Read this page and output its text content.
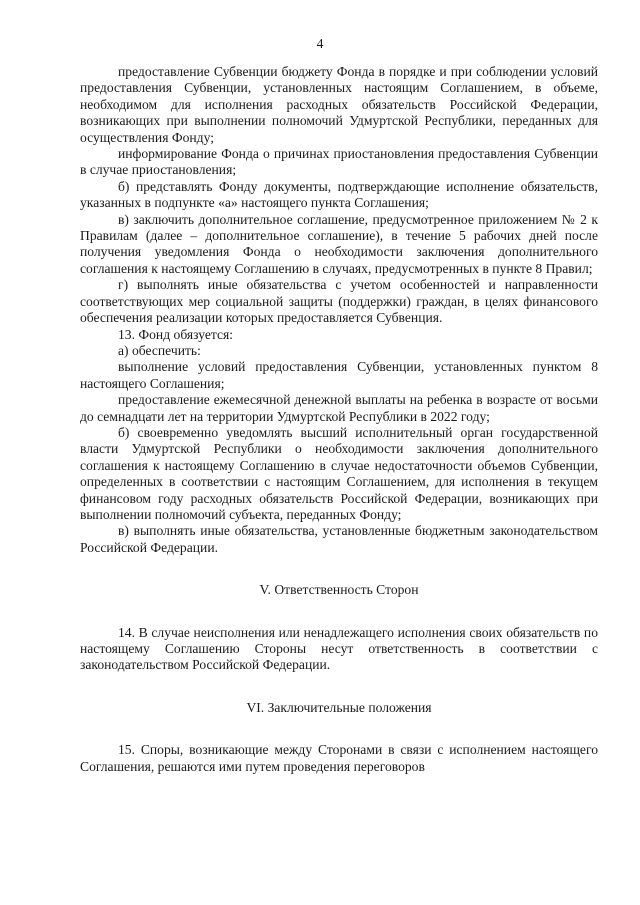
4

предоставление Субвенции бюджету Фонда в порядке и при соблюдении условий предоставления Субвенции, установленных настоящим Соглашением, в объеме, необходимом для исполнения расходных обязательств Российской Федерации, возникающих при выполнении полномочий Удмуртской Республики, переданных для осуществления Фонду;

информирование Фонда о причинах приостановления предоставления Субвенции в случае приостановления;

б) представлять Фонду документы, подтверждающие исполнение обязательств, указанных в подпункте «а» настоящего пункта Соглашения;

в) заключить дополнительное соглашение, предусмотренное приложением № 2 к Правилам (далее – дополнительное соглашение), в течение 5 рабочих дней после получения уведомления Фонда о необходимости заключения дополнительного соглашения к настоящему Соглашению в случаях, предусмотренных в пункте 8 Правил;

г) выполнять иные обязательства с учетом особенностей и направленности соответствующих мер социальной защиты (поддержки) граждан, в целях финансового обеспечения реализации которых предоставляется Субвенция.

13. Фонд обязуется:

а) обеспечить:

выполнение условий предоставления Субвенции, установленных пунктом 8 настоящего Соглашения;

предоставление ежемесячной денежной выплаты на ребенка в возрасте от восьми до семнадцати лет на территории Удмуртской Республики в 2022 году;

б) своевременно уведомлять высший исполнительный орган государственной власти Удмуртской Республики о необходимости заключения дополнительного соглашения к настоящему Соглашению в случае недостаточности объемов Субвенции, определенных в соответствии с настоящим Соглашением, для исполнения в текущем финансовом году расходных обязательств Российской Федерации, возникающих при выполнении полномочий субъекта, переданных Фонду;

в) выполнять иные обязательства, установленные бюджетным законодательством Российской Федерации.

V. Ответственность Сторон

14. В случае неисполнения или ненадлежащего исполнения своих обязательств по настоящему Соглашению Стороны несут ответственность в соответствии с законодательством Российской Федерации.

VI. Заключительные положения

15. Споры, возникающие между Сторонами в связи с исполнением настоящего Соглашения, решаются ими путем проведения переговоров
